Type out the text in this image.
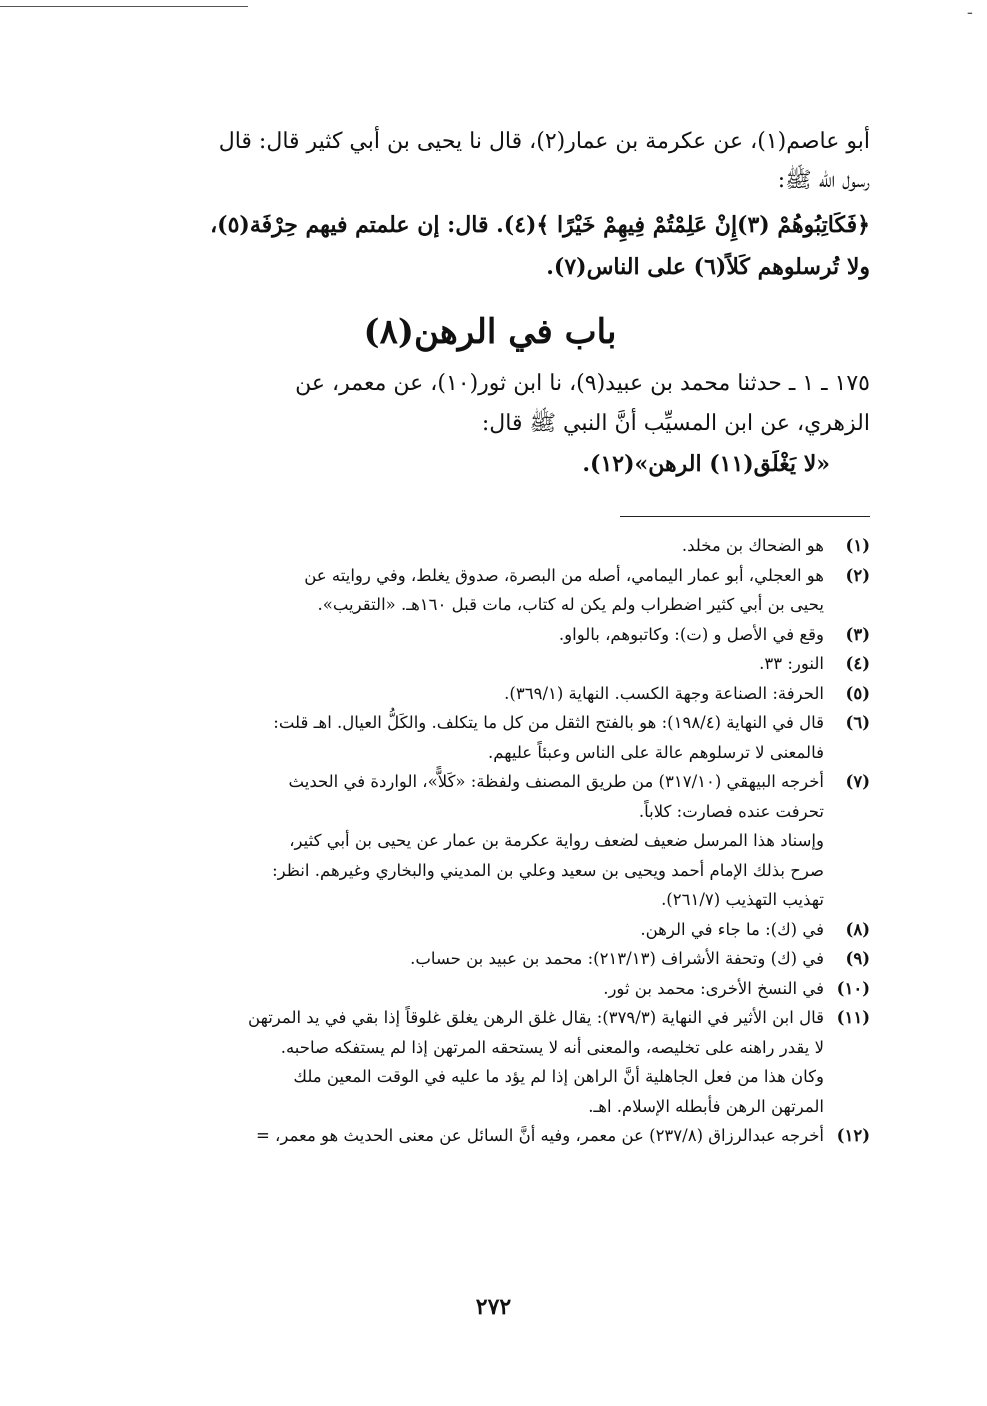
-

أبو عاصم(١)، عن عكرمة بن عمار(٢)، قال نا يحيى بن أبي كثير قال: قال
رسول الله ﷺ:

﴿فَكَاتِبُوهُمْ (٣)إِنْ عَلِمْتُمْ فِيهِمْ خَيْرًا ﴾(٤). قال: إن علمتم فيهم حِرْفَة(٥)،
ولا تُرسلوهم كَلاً(٦) على الناس(٧).

باب في الرهن(٨)

١٧٥ ـ ١ ـ حدثنا محمد بن عبيد(٩)، نا ابن ثور(١٠)، عن معمر، عن
الزهري، عن ابن المسيِّب أنَّ النبي ﷺ قال:

«لا يَغْلَق(١١) الرهن»(١٢).

(١)
هو الضحاك بن مخلد.
(٢)
هو العجلي، أبو عمار اليمامي، أصله من البصرة، صدوق يغلط، وفي روايته عن
يحيى بن أبي كثير اضطراب ولم يكن له كتاب، مات قبل ١٦٠هـ. «التقريب».
(٣)
وقع في الأصل و (ت): وكاتبوهم، بالواو.
(٤)
النور: ٣٣.
(٥)
الحرفة: الصناعة وجهة الكسب. النهاية (٣٦٩/١).
(٦)
قال في النهاية (١٩٨/٤): هو بالفتح الثقل من كل ما يتكلف. والكَلُّ العيال. اهـ قلت:
فالمعنى لا ترسلوهم عالة على الناس وعبئاً عليهم.
(٧)
أخرجه البيهقي (٣١٧/١٠) من طريق المصنف ولفظة: «كَلاًّ»، الواردة في الحديث
تحرفت عنده فصارت: كلاباً.
وإسناد هذا المرسل ضعيف لضعف رواية عكرمة بن عمار عن يحيى بن أبي كثير،
صرح بذلك الإمام أحمد ويحيى بن سعيد وعلي بن المديني والبخاري وغيرهم. انظر:
تهذيب التهذيب (٢٦١/٧).
(٨)
في (ك): ما جاء في الرهن.
(٩)
في (ك) وتحفة الأشراف (٢١٣/١٣): محمد بن عبيد بن حساب.
(١٠)
في النسخ الأخرى: محمد بن ثور.
(١١)
قال ابن الأثير في النهاية (٣٧٩/٣): يقال غلق الرهن يغلق غلوقاً إذا بقي في يد المرتهن
لا يقدر راهنه على تخليصه، والمعنى أنه لا يستحقه المرتهن إذا لم يستفكه صاحبه.
وكان هذا من فعل الجاهلية أنَّ الراهن إذا لم يؤد ما عليه في الوقت المعين ملك
المرتهن الرهن فأبطله الإسلام. اهـ.
(١٢)
أخرجه عبدالرزاق (٢٣٧/٨) عن معمر، وفيه أنَّ السائل عن معنى الحديث هو معمر، =
٢٧٢
